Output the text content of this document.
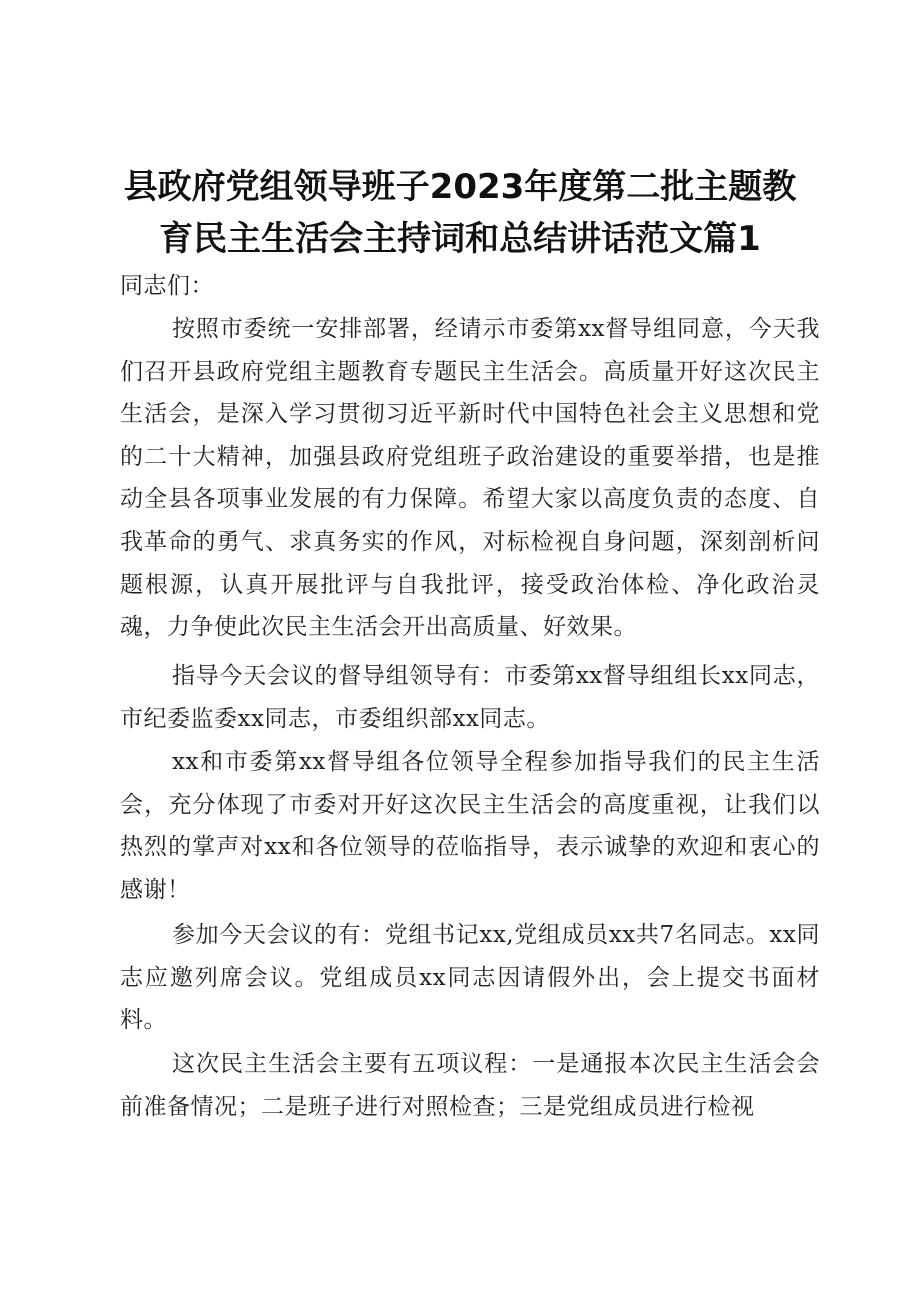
县政府党组领导班子2023年度第二批主题教
育民主生活会主持词和总结讲话范文篇1
同志们：
按照市委统一安排部署，经请示市委第xx督导组同意，今天我们召开县政府党组主题教育专题民主生活会。高质量开好这次民主生活会，是深入学习贯彻习近平新时代中国特色社会主义思想和党的二十大精神，加强县政府党组班子政治建设的重要举措，也是推动全县各项事业发展的有力保障。希望大家以高度负责的态度、自我革命的勇气、求真务实的作风，对标检视自身问题，深刻剖析问题根源，认真开展批评与自我批评，接受政治体检、净化政治灵魂，力争使此次民主生活会开出高质量、好效果。
指导今天会议的督导组领导有：市委第xx督导组组长xx同志，市纪委监委xx同志，市委组织部xx同志。
xx和市委第xx督导组各位领导全程参加指导我们的民主生活会，充分体现了市委对开好这次民主生活会的高度重视，让我们以热烈的掌声对xx和各位领导的莅临指导，表示诚挚的欢迎和衷心的感谢！
参加今天会议的有：党组书记xx,党组成员xx共7名同志。xx同志应邀列席会议。党组成员xx同志因请假外出，会上提交书面材料。
这次民主生活会主要有五项议程：一是通报本次民主生活会会前准备情况；二是班子进行对照检查；三是党组成员进行检视
